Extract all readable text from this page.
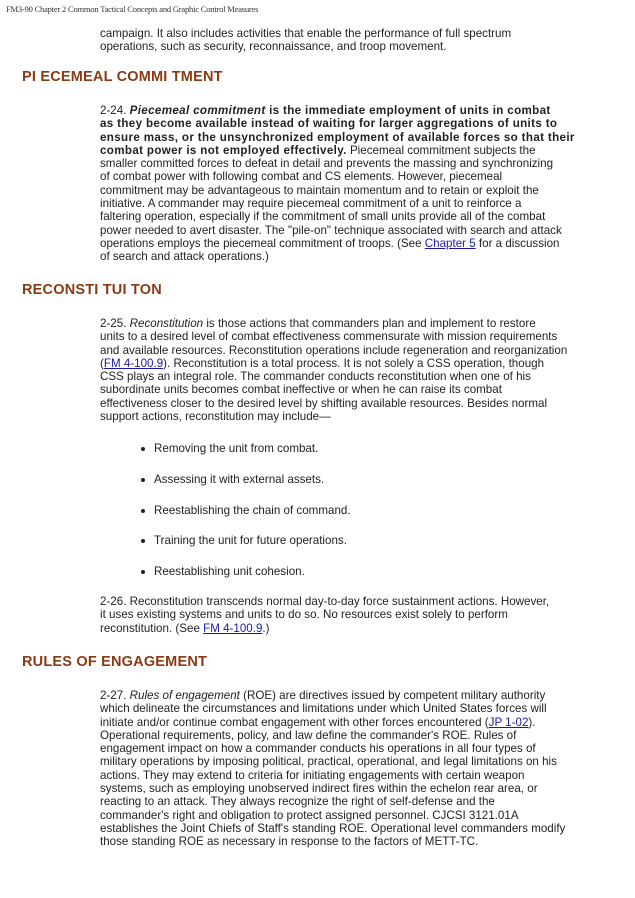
FM3-90 Chapter 2 Common Tactical Concepts and Graphic Control Measures
campaign. It also includes activities that enable the performance of full spectrum
operations, such as security, reconnaissance, and troop movement.
PI ECEMEAL COMMI TMENT
2-24. Piecemeal commitment is the immediate employment of units in combat
as they become available instead of waiting for larger aggregations of units to
ensure mass, or the unsynchronized employment of available forces so that their
combat power is not employed effectively. Piecemeal commitment subjects the
smaller committed forces to defeat in detail and prevents the massing and synchronizing
of combat power with following combat and CS elements. However, piecemeal
commitment may be advantageous to maintain momentum and to retain or exploit the
initiative. A commander may require piecemeal commitment of a unit to reinforce a
faltering operation, especially if the commitment of small units provide all of the combat
power needed to avert disaster. The "pile-on" technique associated with search and attack
operations employs the piecemeal commitment of troops. (See Chapter 5 for a discussion
of search and attack operations.)
RECONSTI TUI TON
2-25. Reconstitution is those actions that commanders plan and implement to restore
units to a desired level of combat effectiveness commensurate with mission requirements
and available resources. Reconstitution operations include regeneration and reorganization
(FM 4-100.9). Reconstitution is a total process. It is not solely a CSS operation, though
CSS plays an integral role. The commander conducts reconstitution when one of his
subordinate units becomes combat ineffective or when he can raise its combat
effectiveness closer to the desired level by shifting available resources. Besides normal
support actions, reconstitution may include—
Removing the unit from combat.
Assessing it with external assets.
Reestablishing the chain of command.
Training the unit for future operations.
Reestablishing unit cohesion.
2-26. Reconstitution transcends normal day-to-day force sustainment actions. However,
it uses existing systems and units to do so. No resources exist solely to perform
reconstitution. (See FM 4-100.9.)
RULES OF ENGAGEMENT
2-27. Rules of engagement (ROE) are directives issued by competent military authority
which delineate the circumstances and limitations under which United States forces will
initiate and/or continue combat engagement with other forces encountered (JP 1-02).
Operational requirements, policy, and law define the commander's ROE. Rules of
engagement impact on how a commander conducts his operations in all four types of
military operations by imposing political, practical, operational, and legal limitations on his
actions. They may extend to criteria for initiating engagements with certain weapon
systems, such as employing unobserved indirect fires within the echelon rear area, or
reacting to an attack. They always recognize the right of self-defense and the
commander's right and obligation to protect assigned personnel. CJCSI 3121.01A
establishes the Joint Chiefs of Staff's standing ROE. Operational level commanders modify
those standing ROE as necessary in response to the factors of METT-TC.
